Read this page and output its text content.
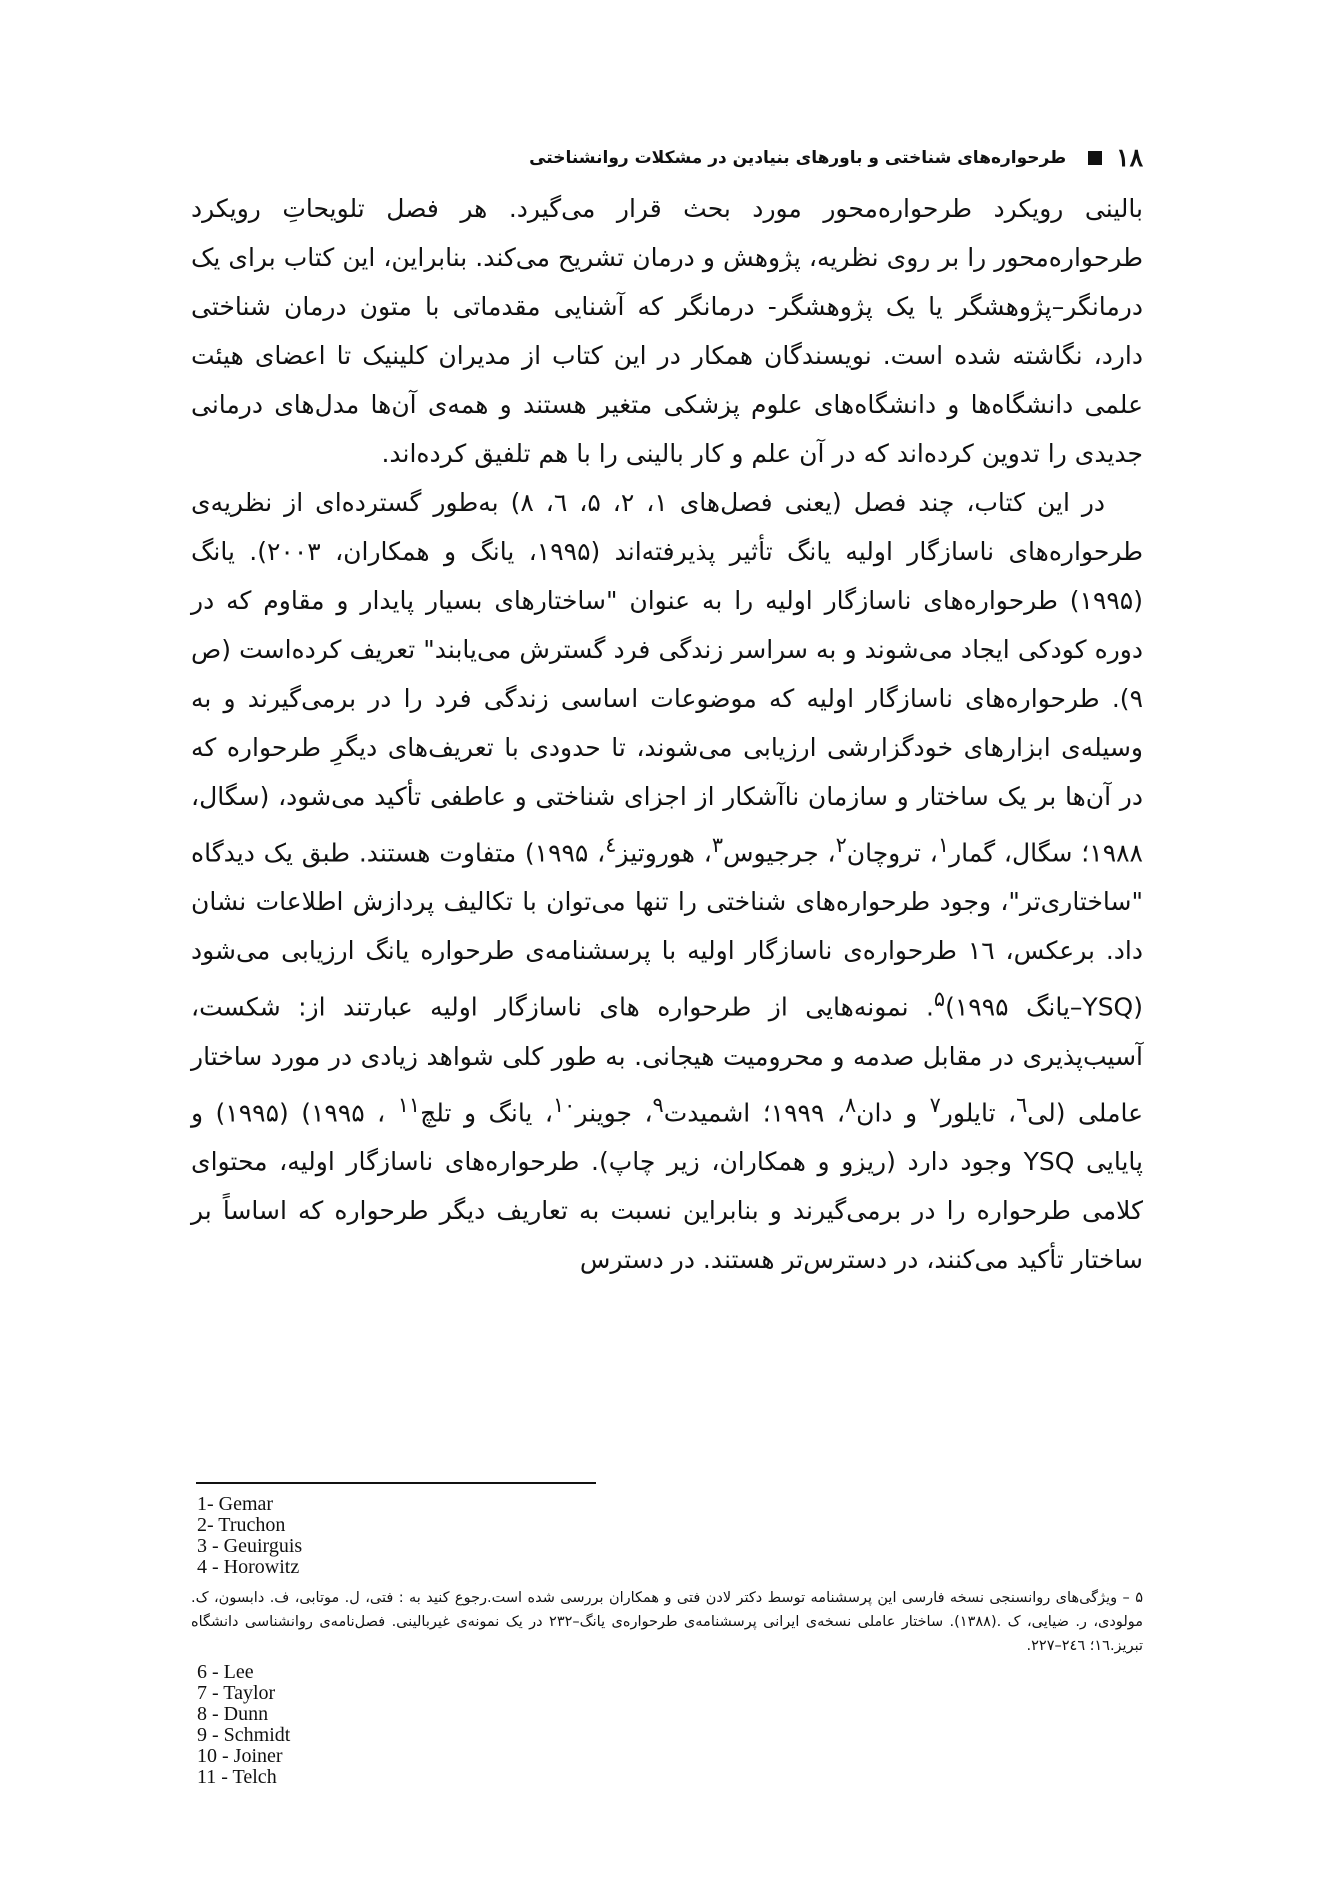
۱۸
طرحواره‌های شناختی و باورهای بنیادین در مشکلات روانشناختی

بالینی رویکرد طرحواره‌محور مورد بحث قرار می‌گیرد. هر فصل تلویحاتِ رویکرد طرحواره‌محور را بر روی نظریه، پژوهش و درمان تشریح می‌کند. بنابراین، این کتاب برای یک درمانگر–پژوهشگر یا یک پژوهشگر- درمانگر که آشنایی مقدماتی با متون درمان شناختی دارد، نگاشته شده است. نویسندگان همکار در این کتاب از مدیران کلینیک تا اعضای هیئت علمی دانشگاه‌ها و دانشگاه‌های علوم پزشکی متغیر هستند و همه‌ی آن‌ها مدل‌های درمانی جدیدی را تدوین کرده‌اند که در آن علم و کار بالینی را با هم تلفیق کرده‌اند.

در این کتاب، چند فصل (یعنی فصل‌های ۱، ۲، ۵، ٦، ۸) به‌طور گسترده‌ای از نظریه‌ی طرحواره‌های ناسازگار اولیه یانگ تأثیر پذیرفته‌اند (۱۹۹۵، یانگ و همکاران، ۲۰۰۳). یانگ (۱۹۹۵) طرحواره‌های ناسازگار اولیه را به عنوان "ساختارهای بسیار پایدار و مقاوم که در دوره کودکی ایجاد می‌شوند و به سراسر زندگی فرد گسترش می‌یابند" تعریف کرده‌است (ص ۹). طرحواره‌های ناسازگار اولیه که موضوعات اساسی زندگی فرد را در برمی‌گیرند و به وسیله‌ی ابزارهای خودگزارشی ارزیابی می‌شوند، تا حدودی با تعریف‌های دیگرِ طرحواره که در آن‌ها بر یک ساختار و سازمان ناآشکار از اجزای شناختی و عاطفی تأکید می‌شود، (سگال، ۱۹۸۸؛ سگال، گمار$^۱$، تروچان$^۲$، جرجیوس$^۳$، هوروتیز$^٤$، ۱۹۹۵) متفاوت هستند. طبق یک دیدگاه "ساختاری‌تر"، وجود طرحواره‌های شناختی را تنها می‌توان با تکالیف پردازش اطلاعات نشان داد. برعکس، ۱٦ طرحواره‌ی ناسازگار اولیه با پرسشنامه‌ی طرحواره یانگ ارزیابی می‌شود (YSQ–یانگ ۱۹۹۵)$^۵$. نمونه‌هایی از طرحواره های ناسازگار اولیه عبارتند از: شکست، آسیب‌پذیری در مقابل صدمه و محرومیت هیجانی. به طور کلی شواهد زیادی در مورد ساختار عاملی (لی$^٦$، تایلور$^۷$ و دان$^۸$، ۱۹۹۹؛ اشمیدت$^۹$، جوینر$^{۱۰}$، یانگ و تلچ$^{۱۱}$ ، ۱۹۹۵) (۱۹۹۵) و پایایی YSQ وجود دارد (ریزو و همکاران، زیر چاپ). طرحواره‌های ناسازگار اولیه، محتوای کلامی طرحواره را در برمی‌گیرند و بنابراین نسبت به تعاریف دیگر طرحواره که اساساً بر ساختار تأکید می‌کنند، در دسترس‌تر هستند. در دسترس

1- Gemar
2- Truchon
3 - Geuirguis
4 - Horowitz
۵ – ویژگی‌های روانسنجی نسخه فارسی این پرسشنامه توسط دکتر لادن فتی و همکاران بررسی شده است.رجوع کنید به : فتی، ل. موتابی، ف. دابسون، ک. مولودی، ر. ضیایی، ک .(۱۳۸۸). ساختار عاملی نسخه‌ی ایرانی پرسشنامه‌ی طرحواره‌ی یانگ–۲۳۲ در یک نمونه‌ی غیربالینی. فصل‌نامه‌ی روانشناسی دانشگاه تبریز.۱٦؛ ۲٤٦–۲۲۷.
6 - Lee
7 - Taylor
8 - Dunn
9 - Schmidt
10 - Joiner
11 - Telch
